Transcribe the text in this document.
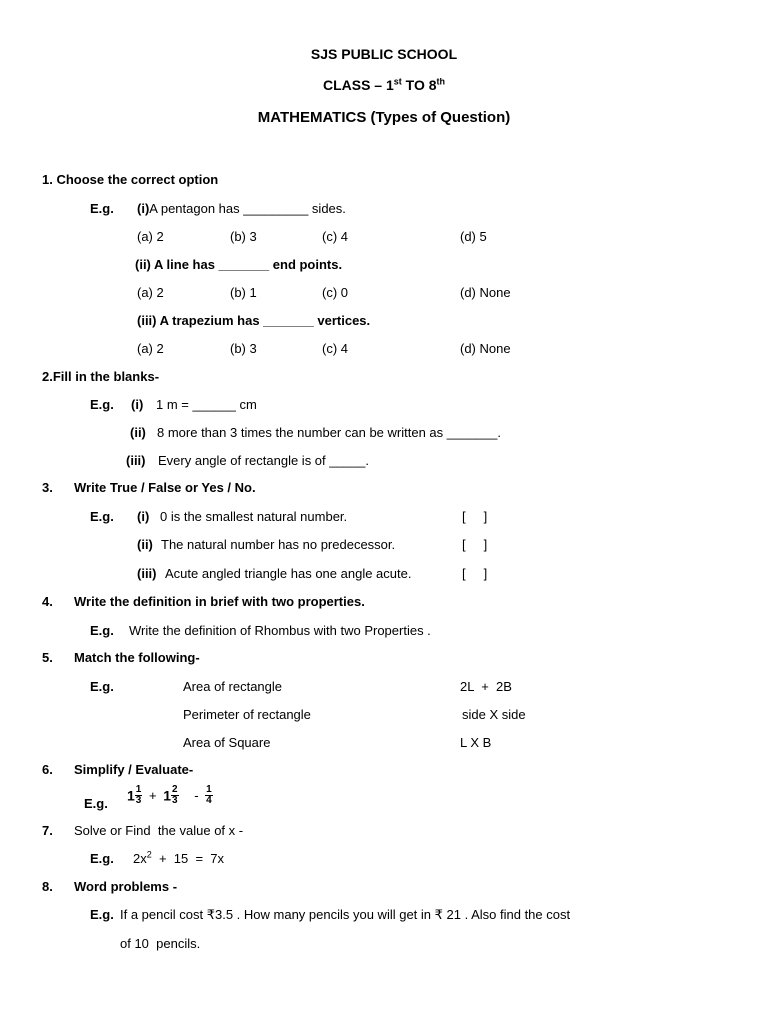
SJS PUBLIC SCHOOL
CLASS – 1st TO 8th
MATHEMATICS (Types of Question)
1. Choose the correct option
E.g. (i)A pentagon has _________ sides.
(a) 2	(b) 3	(c) 4	(d) 5
(ii) A line has _______ end points.
(a) 2	(b) 1	(c) 0	(d) None
(iii) A trapezium has _______ vertices.
(a) 2	(b) 3	(c) 4	(d) None
2.Fill in the blanks-
E.g. (i) 1 m = ______ cm
(ii) 8 more than 3 times the number can be written as _______.
(iii) Every angle of rectangle is of _____.
3. Write True / False or Yes / No.
E.g. (i) 0 is the smallest natural number.	[     ]
(ii) The natural number has no predecessor.	[     ]
(iii) Acute angled triangle has one angle acute.	[     ]
4. Write the definition in brief with two properties.
E.g. Write the definition of Rhombus with two Properties .
5. Match the following-
E.g.	Area of rectangle	2L  +  2B
Perimeter of rectangle	side X side
Area of Square	L X B
6. Simplify / Evaluate-
E.g. $1 \frac{1}{3} + 1 \frac{2}{3} - \frac{1}{4}$
7. Solve or Find  the value of x -
E.g. $2x^2 + 15 = 7x$
8. Word problems -
E.g. If a pencil cost ₹3.5 . How many pencils you will get in ₹ 21 . Also find the cost
of 10  pencils.
